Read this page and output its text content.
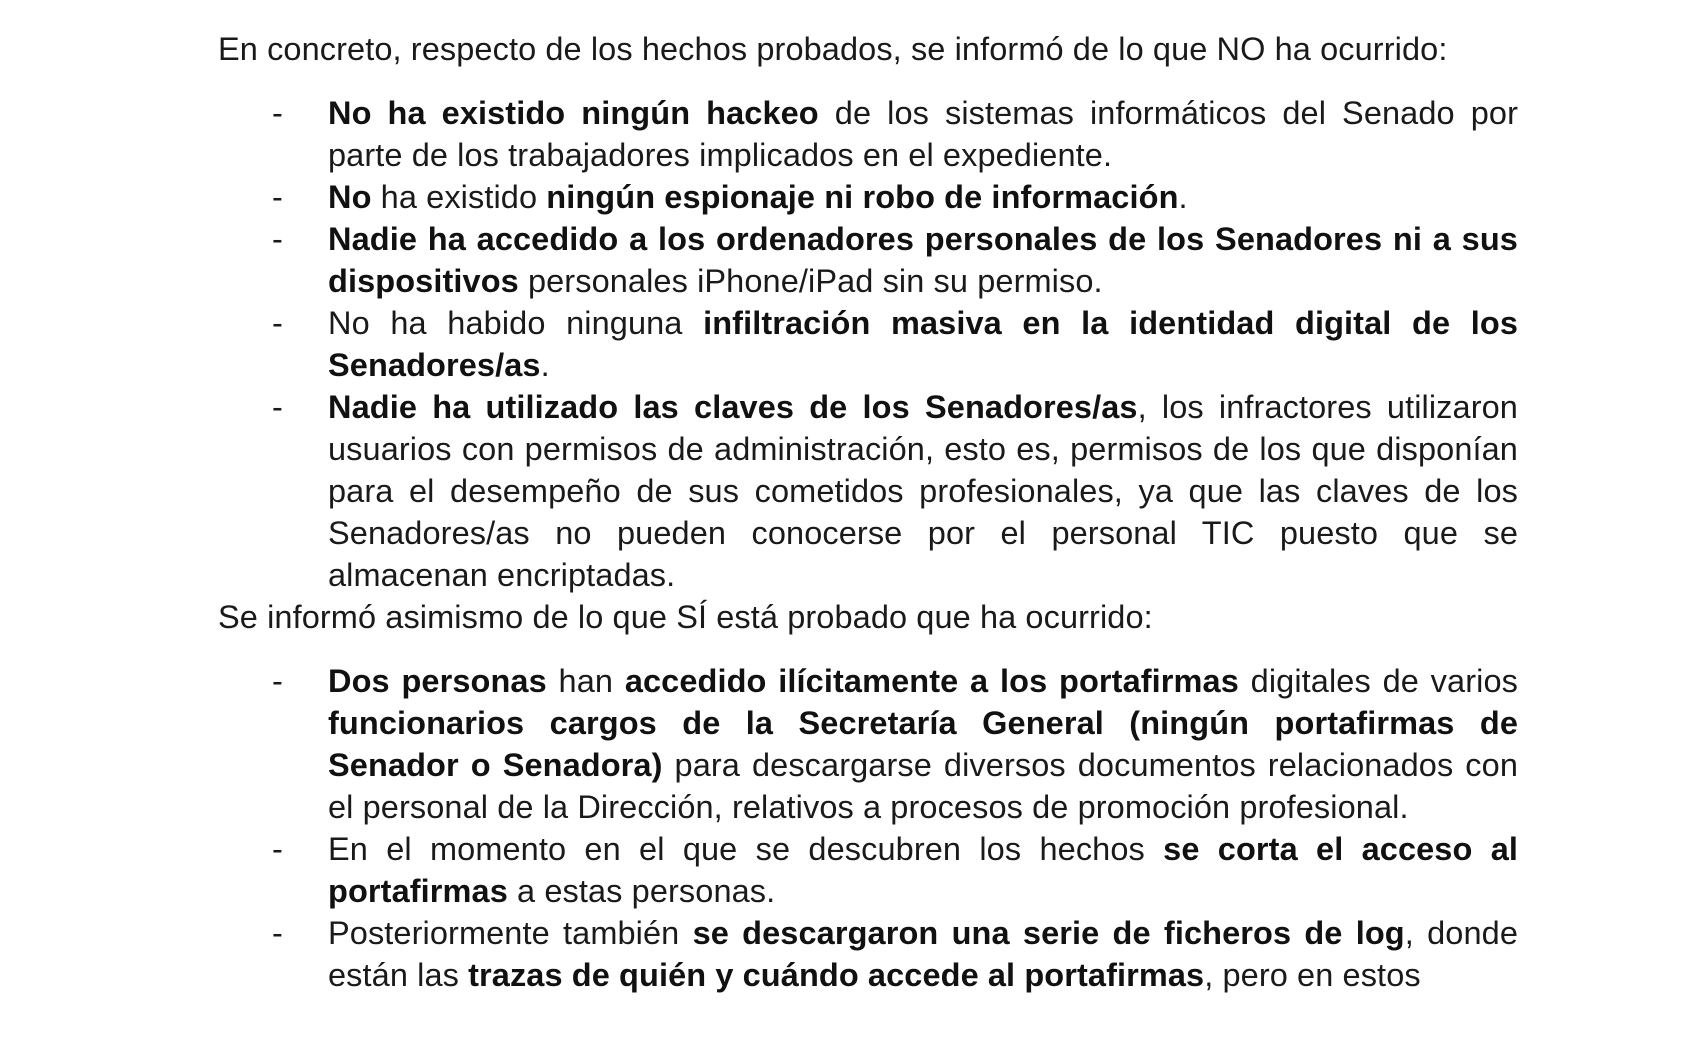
En concreto, respecto de los hechos probados, se informó de lo que NO ha ocurrido:

- No ha existido ningún hackeo de los sistemas informáticos del Senado por parte de los trabajadores implicados en el expediente.
- No ha existido ningún espionaje ni robo de información.
- Nadie ha accedido a los ordenadores personales de los Senadores ni a sus dispositivos personales iPhone/iPad sin su permiso.
- No ha habido ninguna infiltración masiva en la identidad digital de los Senadores/as.
- Nadie ha utilizado las claves de los Senadores/as, los infractores utilizaron usuarios con permisos de administración, esto es, permisos de los que disponían para el desempeño de sus cometidos profesionales, ya que las claves de los Senadores/as no pueden conocerse por el personal TIC puesto que se almacenan encriptadas.

Se informó asimismo de lo que SÍ está probado que ha ocurrido:

- Dos personas han accedido ilícitamente a los portafirmas digitales de varios funcionarios cargos de la Secretaría General (ningún portafirmas de Senador o Senadora) para descargarse diversos documentos relacionados con el personal de la Dirección, relativos a procesos de promoción profesional.
- En el momento en el que se descubren los hechos se corta el acceso al portafirmas a estas personas.
- Posteriormente también se descargaron una serie de ficheros de log, donde están las trazas de quién y cuándo accede al portafirmas, pero en estos
